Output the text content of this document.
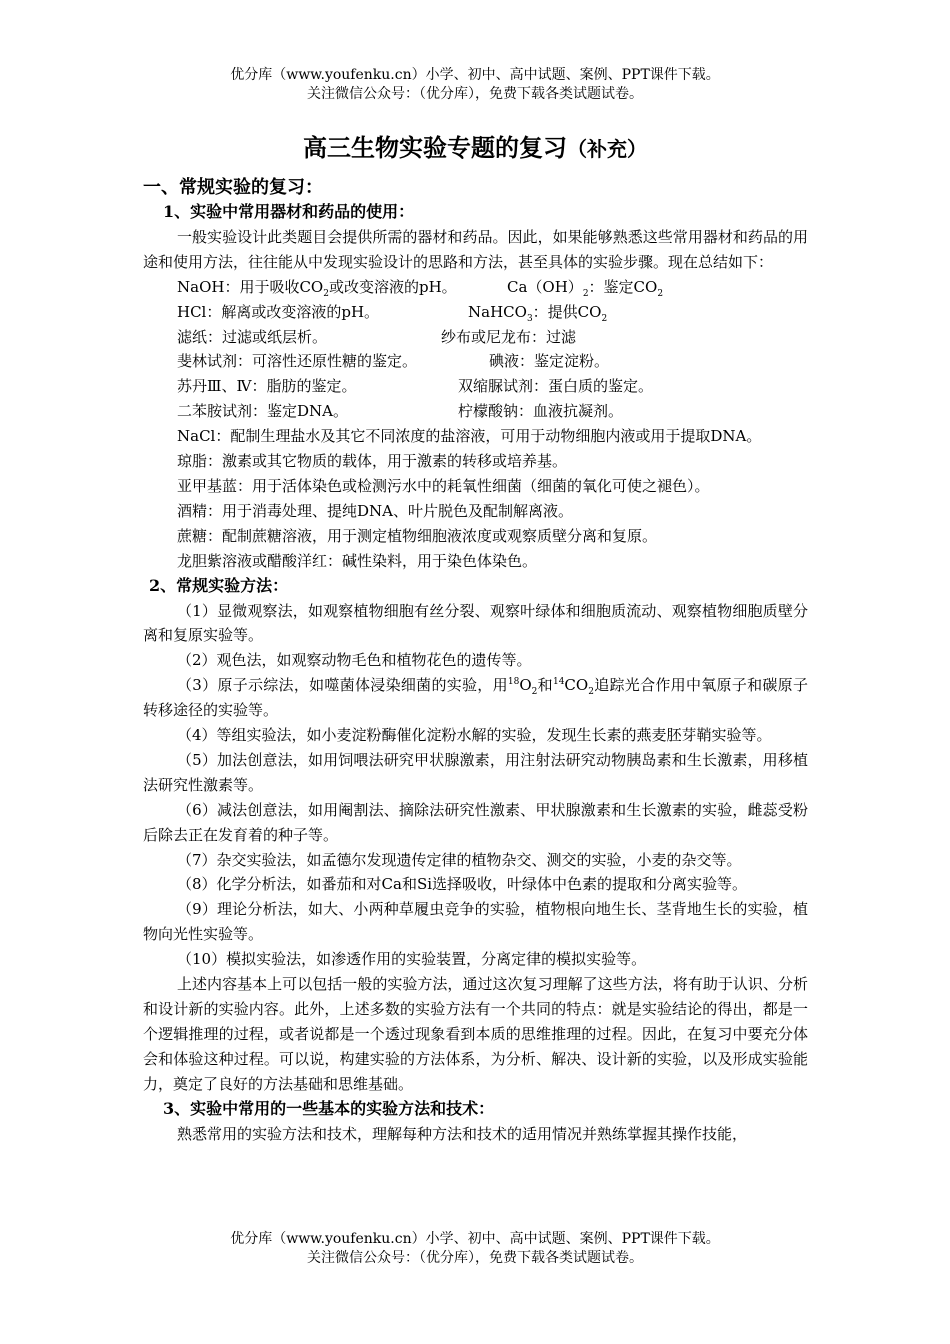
优分库（www.youfenku.cn）小学、初中、高中试题、案例、PPT课件下载。
关注微信公众号：（优分库），免费下载各类试题试卷。
高三生物实验专题的复习（补充）

一、常规实验的复习：

1、实验中常用器材和药品的使用：

一般实验设计此类题目会提供所需的器材和药品。因此，如果能够熟悉这些常用器材和药品的用途和使用方法，往往能从中发现实验设计的思路和方法，甚至具体的实验步骤。现在总结如下：

NaOH：用于吸收$CO_2$或改变溶液的pH。	$Ca(OH)_2$：鉴定$CO_2$
HCl：解离或改变溶液的pH。	NaHCO$_3$：提供$CO_2$
滤纸：过滤或纸层析。	纱布或尼龙布：过滤
斐林试剂：可溶性还原性糖的鉴定。	碘液：鉴定淀粉。
苏丹Ⅲ、Ⅳ：脂肪的鉴定。	双缩脲试剂：蛋白质的鉴定。
二苯胺试剂：鉴定DNA。	柠檬酸钠：血液抗凝剂。

NaCl：配制生理盐水及其它不同浓度的盐溶液，可用于动物细胞内液或用于提取DNA。

琼脂：激素或其它物质的载体，用于激素的转移或培养基。

亚甲基蓝：用于活体染色或检测污水中的耗氧性细菌（细菌的氧化可使之褪色）。

酒精：用于消毒处理、提纯DNA、叶片脱色及配制解离液。

蔗糖：配制蔗糖溶液，用于测定植物细胞液浓度或观察质壁分离和复原。

龙胆紫溶液或醋酸洋红：碱性染料，用于染色体染色。

2、常规实验方法：

（1）显微观察法，如观察植物细胞有丝分裂、观察叶绿体和细胞质流动、观察植物细胞质壁分离和复原实验等。

（2）观色法，如观察动物毛色和植物花色的遗传等。

（3）原子示综法，如噬菌体浸染细菌的实验，用$^{18}O_2$和$^{14}CO_2$追踪光合作用中氧原子和碳原子转移途径的实验等。

（4）等组实验法，如小麦淀粉酶催化淀粉水解的实验，发现生长素的燕麦胚芽鞘实验等。

（5）加法创意法，如用饲喂法研究甲状腺激素，用注射法研究动物胰岛素和生长激素，用移植法研究性激素等。

（6）减法创意法，如用阉割法、摘除法研究性激素、甲状腺激素和生长激素的实验，雌蕊受粉后除去正在发育着的种子等。

（7）杂交实验法，如孟德尔发现遗传定律的植物杂交、测交的实验，小麦的杂交等。

（8）化学分析法，如番茄和对Ca和Si选择吸收，叶绿体中色素的提取和分离实验等。

（9）理论分析法，如大、小两种草履虫竞争的实验，植物根向地生长、茎背地生长的实验，植物向光性实验等。

（10）模拟实验法，如渗透作用的实验装置，分离定律的模拟实验等。

上述内容基本上可以包括一般的实验方法，通过这次复习理解了这些方法，将有助于认识、分析和设计新的实验内容。此外，上述多数的实验方法有一个共同的特点：就是实验结论的得出，都是一个逻辑推理的过程，或者说都是一个透过现象看到本质的思维推理的过程。因此，在复习中要充分体会和体验这种过程。可以说，构建实验的方法体系，为分析、解决、设计新的实验，以及形成实验能力，奠定了良好的方法基础和思维基础。

3、实验中常用的一些基本的实验方法和技术：

熟悉常用的实验方法和技术，理解每种方法和技术的适用情况并熟练掌握其操作技能，

优分库（www.youfenku.cn）小学、初中、高中试题、案例、PPT课件下载。
关注微信公众号：（优分库），免费下载各类试题试卷。
